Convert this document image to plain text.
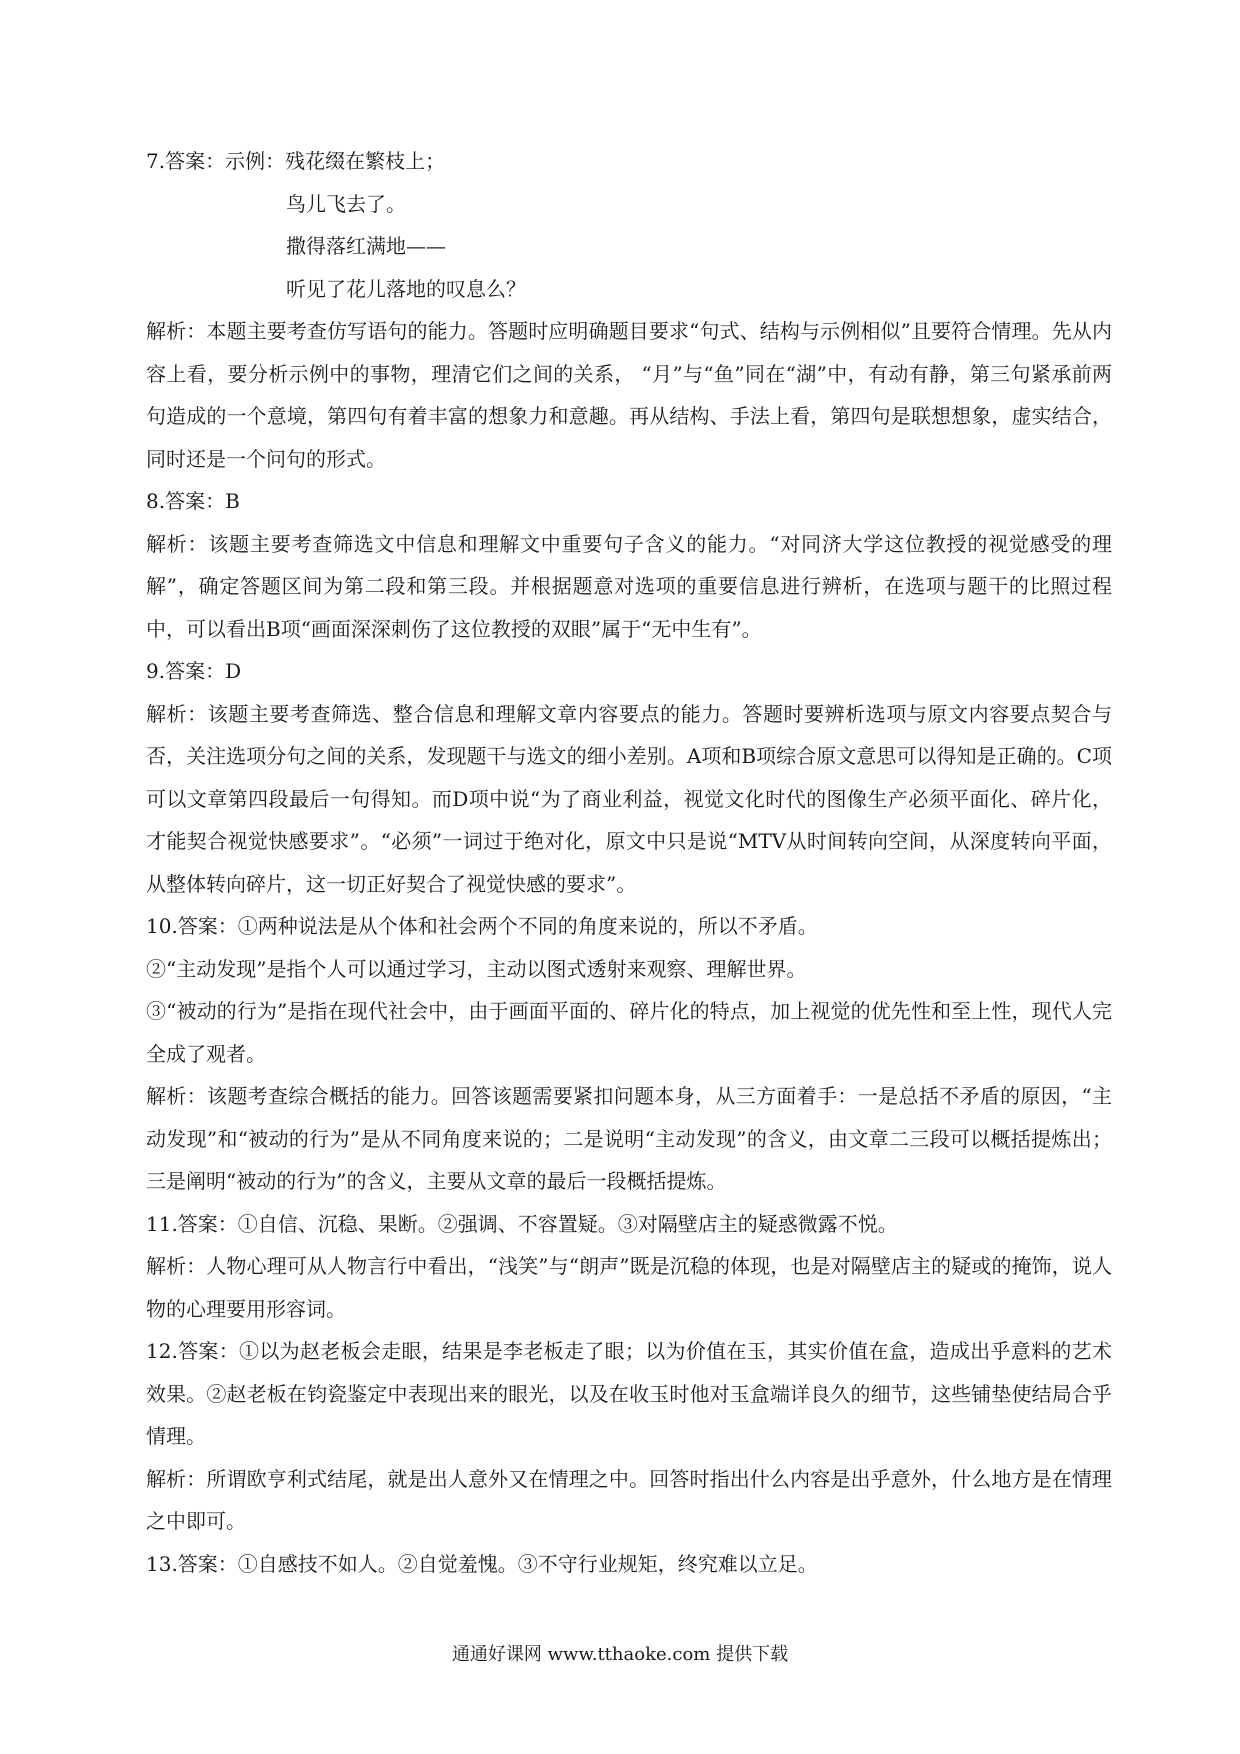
7.答案：示例：残花缀在繁枝上；

鸟儿飞去了。

撒得落红满地——

听见了花儿落地的叹息么？

解析：本题主要考查仿写语句的能力。答题时应明确题目要求“句式、结构与示例相似”且要符合情理。先从内容上看，要分析示例中的事物，理清它们之间的关系， “月”与“鱼”同在“湖”中，有动有静，第三句紧承前两句造成的一个意境，第四句有着丰富的想象力和意趣。再从结构、手法上看，第四句是联想想象，虚实结合，同时还是一个问句的形式。

8.答案：B

解析：该题主要考查筛选文中信息和理解文中重要句子含义的能力。“对同济大学这位教授的视觉感受的理解”，确定答题区间为第二段和第三段。并根据题意对选项的重要信息进行辨析，在选项与题干的比照过程中，可以看出B项“画面深深刺伤了这位教授的双眼”属于“无中生有”。

9.答案：D

解析：该题主要考查筛选、整合信息和理解文章内容要点的能力。答题时要辨析选项与原文内容要点契合与否，关注选项分句之间的关系，发现题干与选文的细小差别。A项和B项综合原文意思可以得知是正确的。C项可以文章第四段最后一句得知。而D项中说“为了商业利益，视觉文化时代的图像生产必须平面化、碎片化，才能契合视觉快感要求”。“必须”一词过于绝对化，原文中只是说“MTV从时间转向空间，从深度转向平面，从整体转向碎片，这一切正好契合了视觉快感的要求”。

10.答案：①两种说法是从个体和社会两个不同的角度来说的，所以不矛盾。

②“主动发现”是指个人可以通过学习，主动以图式透射来观察、理解世界。

③“被动的行为”是指在现代社会中，由于画面平面的、碎片化的特点，加上视觉的优先性和至上性，现代人完全成了观者。

解析：该题考查综合概括的能力。回答该题需要紧扣问题本身，从三方面着手：一是总括不矛盾的原因，“主动发现”和“被动的行为”是从不同角度来说的；二是说明“主动发现”的含义，由文章二三段可以概括提炼出；三是阐明“被动的行为”的含义，主要从文章的最后一段概括提炼。

11.答案：①自信、沉稳、果断。②强调、不容置疑。③对隔壁店主的疑惑微露不悦。

解析：人物心理可从人物言行中看出，“浅笑”与“朗声”既是沉稳的体现，也是对隔壁店主的疑或的掩饰，说人物的心理要用形容词。

12.答案：①以为赵老板会走眼，结果是李老板走了眼；以为价值在玉，其实价值在盒，造成出乎意料的艺术效果。②赵老板在钧瓷鉴定中表现出来的眼光，以及在收玉时他对玉盒端详良久的细节，这些铺垫使结局合乎情理。

解析：所谓欧亨利式结尾，就是出人意外又在情理之中。回答时指出什么内容是出乎意外，什么地方是在情理之中即可。

13.答案：①自感技不如人。②自觉羞愧。③不守行业规矩，终究难以立足。

通通好课网 www.tthaoke.com 提供下载
